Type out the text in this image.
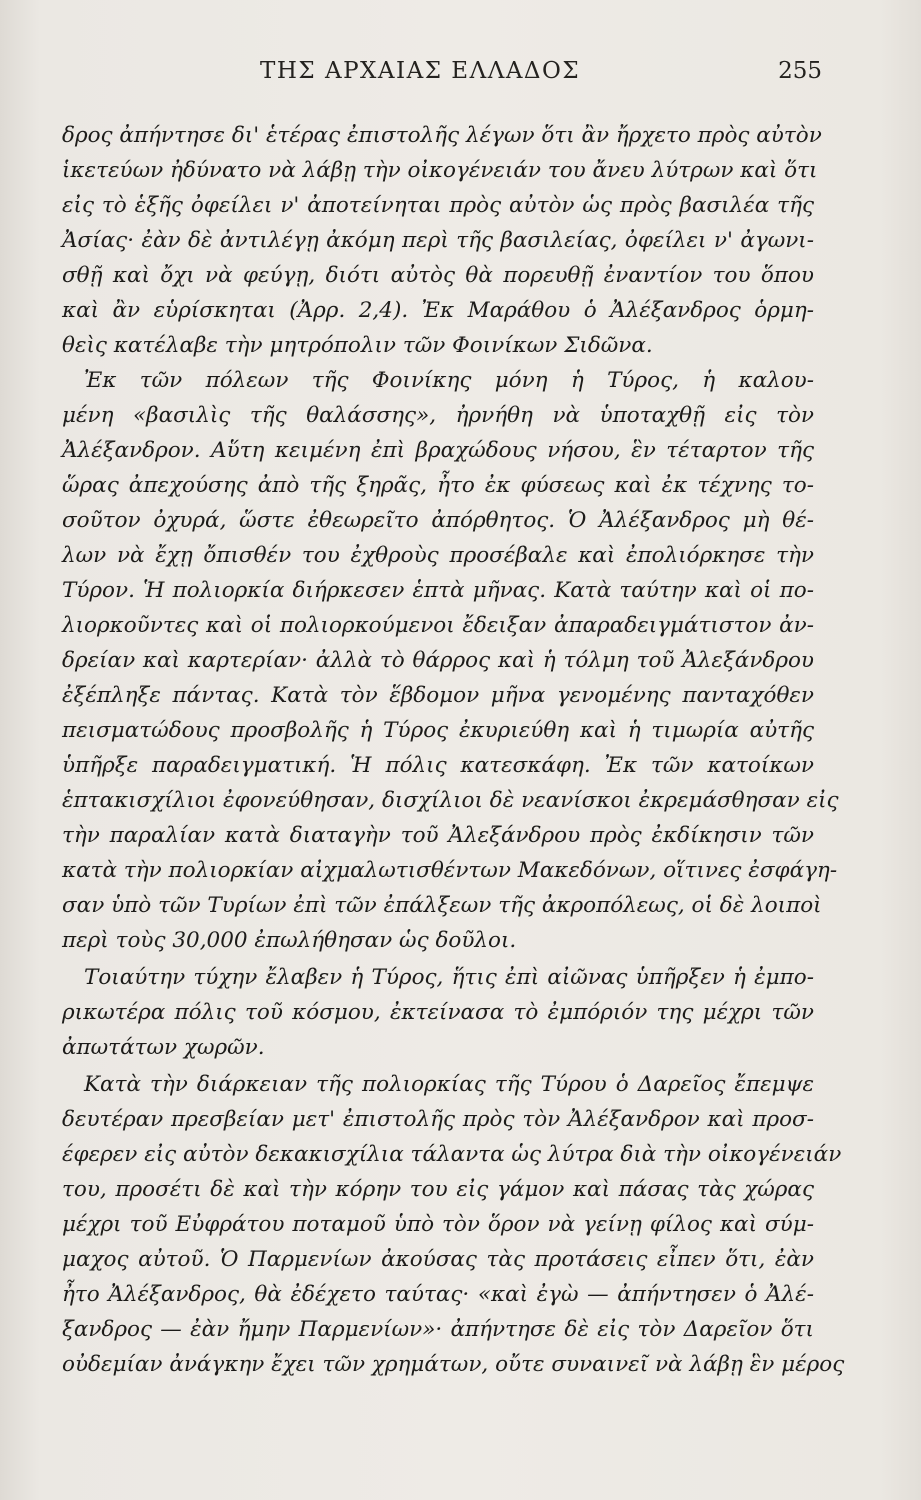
ΤΗΣ ΑΡΧΑΙΑΣ ΕΛΛΑΔΟΣ	255
δρος ἀπήντησε δι' ἑτέρας ἐπιστολῆς λέγων ὅτι ἂν ἤρχετο πρὸς αὐτὸν
ἱκετεύων ἠδύνατο νὰ λάβῃ τὴν οἰκογένειάν του ἄνευ λύτρων καὶ ὅτι
εἰς τὸ ἑξῆς ὀφείλει ν' ἀποτείνηται πρὸς αὐτὸν ὡς πρὸς βασιλέα τῆς
Ἀσίας· ἐὰν δὲ ἀντιλέγῃ ἀκόμη περὶ τῆς βασιλείας, ὀφείλει ν' ἀγωνι-
σθῇ καὶ ὄχι νὰ φεύγῃ, διότι αὐτὸς θὰ πορευθῇ ἐναντίον του ὅπου
καὶ ἂν εὑρίσκηται (Ἀρρ. 2,4). Ἐκ Μαράθου ὁ Ἀλέξανδρος ὁρμη-
θεὶς κατέλαβε τὴν μητρόπολιν τῶν Φοινίκων Σιδῶνα.
Ἐκ τῶν πόλεων τῆς Φοινίκης μόνη ἡ Τύρος, ἡ καλου-
μένη «βασιλὶς τῆς θαλάσσης», ἠρνήθη νὰ ὑποταχθῇ εἰς τὸν
Ἀλέξανδρον. Αὕτη κειμένη ἐπὶ βραχώδους νήσου, ἓν τέταρτον τῆς
ὥρας ἀπεχούσης ἀπὸ τῆς ξηρᾶς, ἦτο ἐκ φύσεως καὶ ἐκ τέχνης το-
σοῦτον ὀχυρά, ὥστε ἐθεωρεῖτο ἀπόρθητος. Ὁ Ἀλέξανδρος μὴ θέ-
λων νὰ ἔχῃ ὄπισθέν του ἐχθροὺς προσέβαλε καὶ ἐπολιόρκησε τὴν
Τύρον. Ἡ πολιορκία διήρκεσεν ἑπτὰ μῆνας. Κατὰ ταύτην καὶ οἱ πο-
λιορκοῦντες καὶ οἱ πολιορκούμενοι ἔδειξαν ἀπαραδειγμάτιστον ἀν-
δρείαν καὶ καρτερίαν· ἀλλὰ τὸ θάρρος καὶ ἡ τόλμη τοῦ Ἀλεξάνδρου
ἐξέπληξε πάντας. Κατὰ τὸν ἕβδομον μῆνα γενομένης πανταχόθεν
πεισματώδους προσβολῆς ἡ Τύρος ἐκυριεύθη καὶ ἡ τιμωρία αὐτῆς
ὑπῆρξε παραδειγματική. Ἡ πόλις κατεσκάφη. Ἐκ τῶν κατοίκων
ἑπτακισχίλιοι ἐφονεύθησαν, δισχίλιοι δὲ νεανίσκοι ἐκρεμάσθησαν εἰς
τὴν παραλίαν κατὰ διαταγὴν τοῦ Ἀλεξάνδρου πρὸς ἐκδίκησιν τῶν
κατὰ τὴν πολιορκίαν αἰχμαλωτισθέντων Μακεδόνων, οἵτινες ἐσφάγη-
σαν ὑπὸ τῶν Τυρίων ἐπὶ τῶν ἐπάλξεων τῆς ἀκροπόλεως, οἱ δὲ λοιποὶ
περὶ τοὺς 30,000 ἐπωλήθησαν ὡς δοῦλοι.
Τοιαύτην τύχην ἔλαβεν ἡ Τύρος, ἥτις ἐπὶ αἰῶνας ὑπῆρξεν ἡ ἐμπο-
ρικωτέρα πόλις τοῦ κόσμου, ἐκτείνασα τὸ ἐμπόριόν της μέχρι τῶν
ἀπωτάτων χωρῶν.
Κατὰ τὴν διάρκειαν τῆς πολιορκίας τῆς Τύρου ὁ Δαρεῖος ἔπεμψε
δευτέραν πρεσβείαν μετ' ἐπιστολῆς πρὸς τὸν Ἀλέξανδρον καὶ προσ-
έφερεν εἰς αὐτὸν δεκακισχίλια τάλαντα ὡς λύτρα διὰ τὴν οἰκογένειάν
του, προσέτι δὲ καὶ τὴν κόρην του εἰς γάμον καὶ πάσας τὰς χώρας
μέχρι τοῦ Εὐφράτου ποταμοῦ ὑπὸ τὸν ὅρον νὰ γείνῃ φίλος καὶ σύμ-
μαχος αὐτοῦ. Ὁ Παρμενίων ἀκούσας τὰς προτάσεις εἶπεν ὅτι, ἐὰν
ἦτο Ἀλέξανδρος, θὰ ἐδέχετο ταύτας· «καὶ ἐγὼ — ἀπήντησεν ὁ Ἀλέ-
ξανδρος — ἐὰν ἤμην Παρμενίων»· ἀπήντησε δὲ εἰς τὸν Δαρεῖον ὅτι
οὐδεμίαν ἀνάγκην ἔχει τῶν χρημάτων, οὔτε συναινεῖ νὰ λάβῃ ἓν μέρος
